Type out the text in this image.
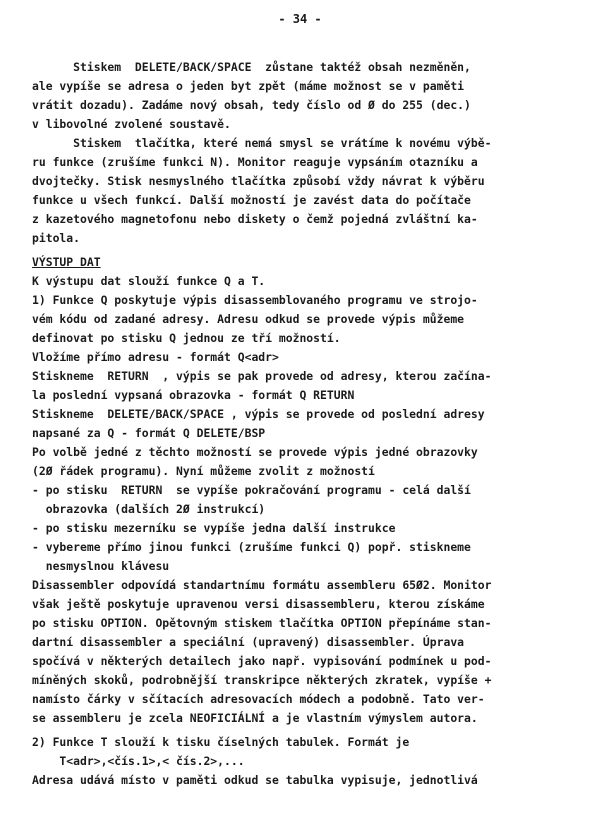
- 34 -
Stiskem  DELETE/BACK/SPACE  zůstane taktéž obsah nezměněn,
ale vypíše se adresa o jeden byt zpět (máme možnost se v paměti
vrátit dozadu). Zadáme nový obsah, tedy číslo od Ø do 255 (dec.)
v libovolné zvolené soustavě.
Stiskem  tlačítka, které nemá smysl se vrátíme k novému výbě-
ru funkce (zrušíme funkci N). Monitor reaguje vypsáním otazníku a
dvojtečky. Stisk nesmyslného tlačítka způsobí vždy návrat k výběru
funkce u všech funkcí. Další možností je zavést data do počítače
z kazetového magnetofonu nebo diskety o čemž pojedná zvláštní ka-
pitola.
VÝSTUP DAT
K výstupu dat slouží funkce Q a T.
1) Funkce Q poskytuje výpis disassemblovaného programu ve strojo-
vém kódu od zadané adresy. Adresu odkud se provede výpis můžeme
definovat po stisku Q jednou ze tří možností.
Vložíme přímo adresu - formát Q<adr>
Stiskneme  RETURN  , výpis se pak provede od adresy, kterou začína-
la poslední vypsaná obrazovka - formát Q RETURN
Stiskneme  DELETE/BACK/SPACE , výpis se provede od poslední adresy
napsané za Q - formát Q DELETE/BSP
Po volbě jedné z těchto možností se provede výpis jedné obrazovky
(2Ø řádek programu). Nyní můžeme zvolit z možností
- po stisku  RETURN  se vypíše pokračování programu - celá další
obrazovka (dalších 2Ø instrukcí)
- po stisku mezerníku se vypíše jedna další instrukce
- vybereme přímo jinou funkci (zrušíme funkci Q) popř. stiskneme
nesmyslnou klávesu
Disassembler odpovídá standartnímu formátu assembleru 65Ø2. Monitor
však ještě poskytuje upravenou versi disassembleru, kterou získáme
po stisku OPTION. Opětovným stiskem tlačítka OPTION přepínáme stan-
dartní disassembler a speciální (upravený) disassembler. Úprava
spočívá v některých detailech jako např. vypisování podmínek u pod-
míněných skoků, podrobnější transkripce některých zkratek, vypíše +
namísto čárky v sčítacích adresovacích módech a podobně. Tato ver-
se assembleru je zcela NEOFICIÁLNÍ a je vlastním výmyslem autora.
2) Funkce T slouží k tisku číselných tabulek. Formát je
T<adr>,<čís.1>,< čís.2>,...
Adresa udává místo v paměti odkud se tabulka vypisuje, jednotlivá
